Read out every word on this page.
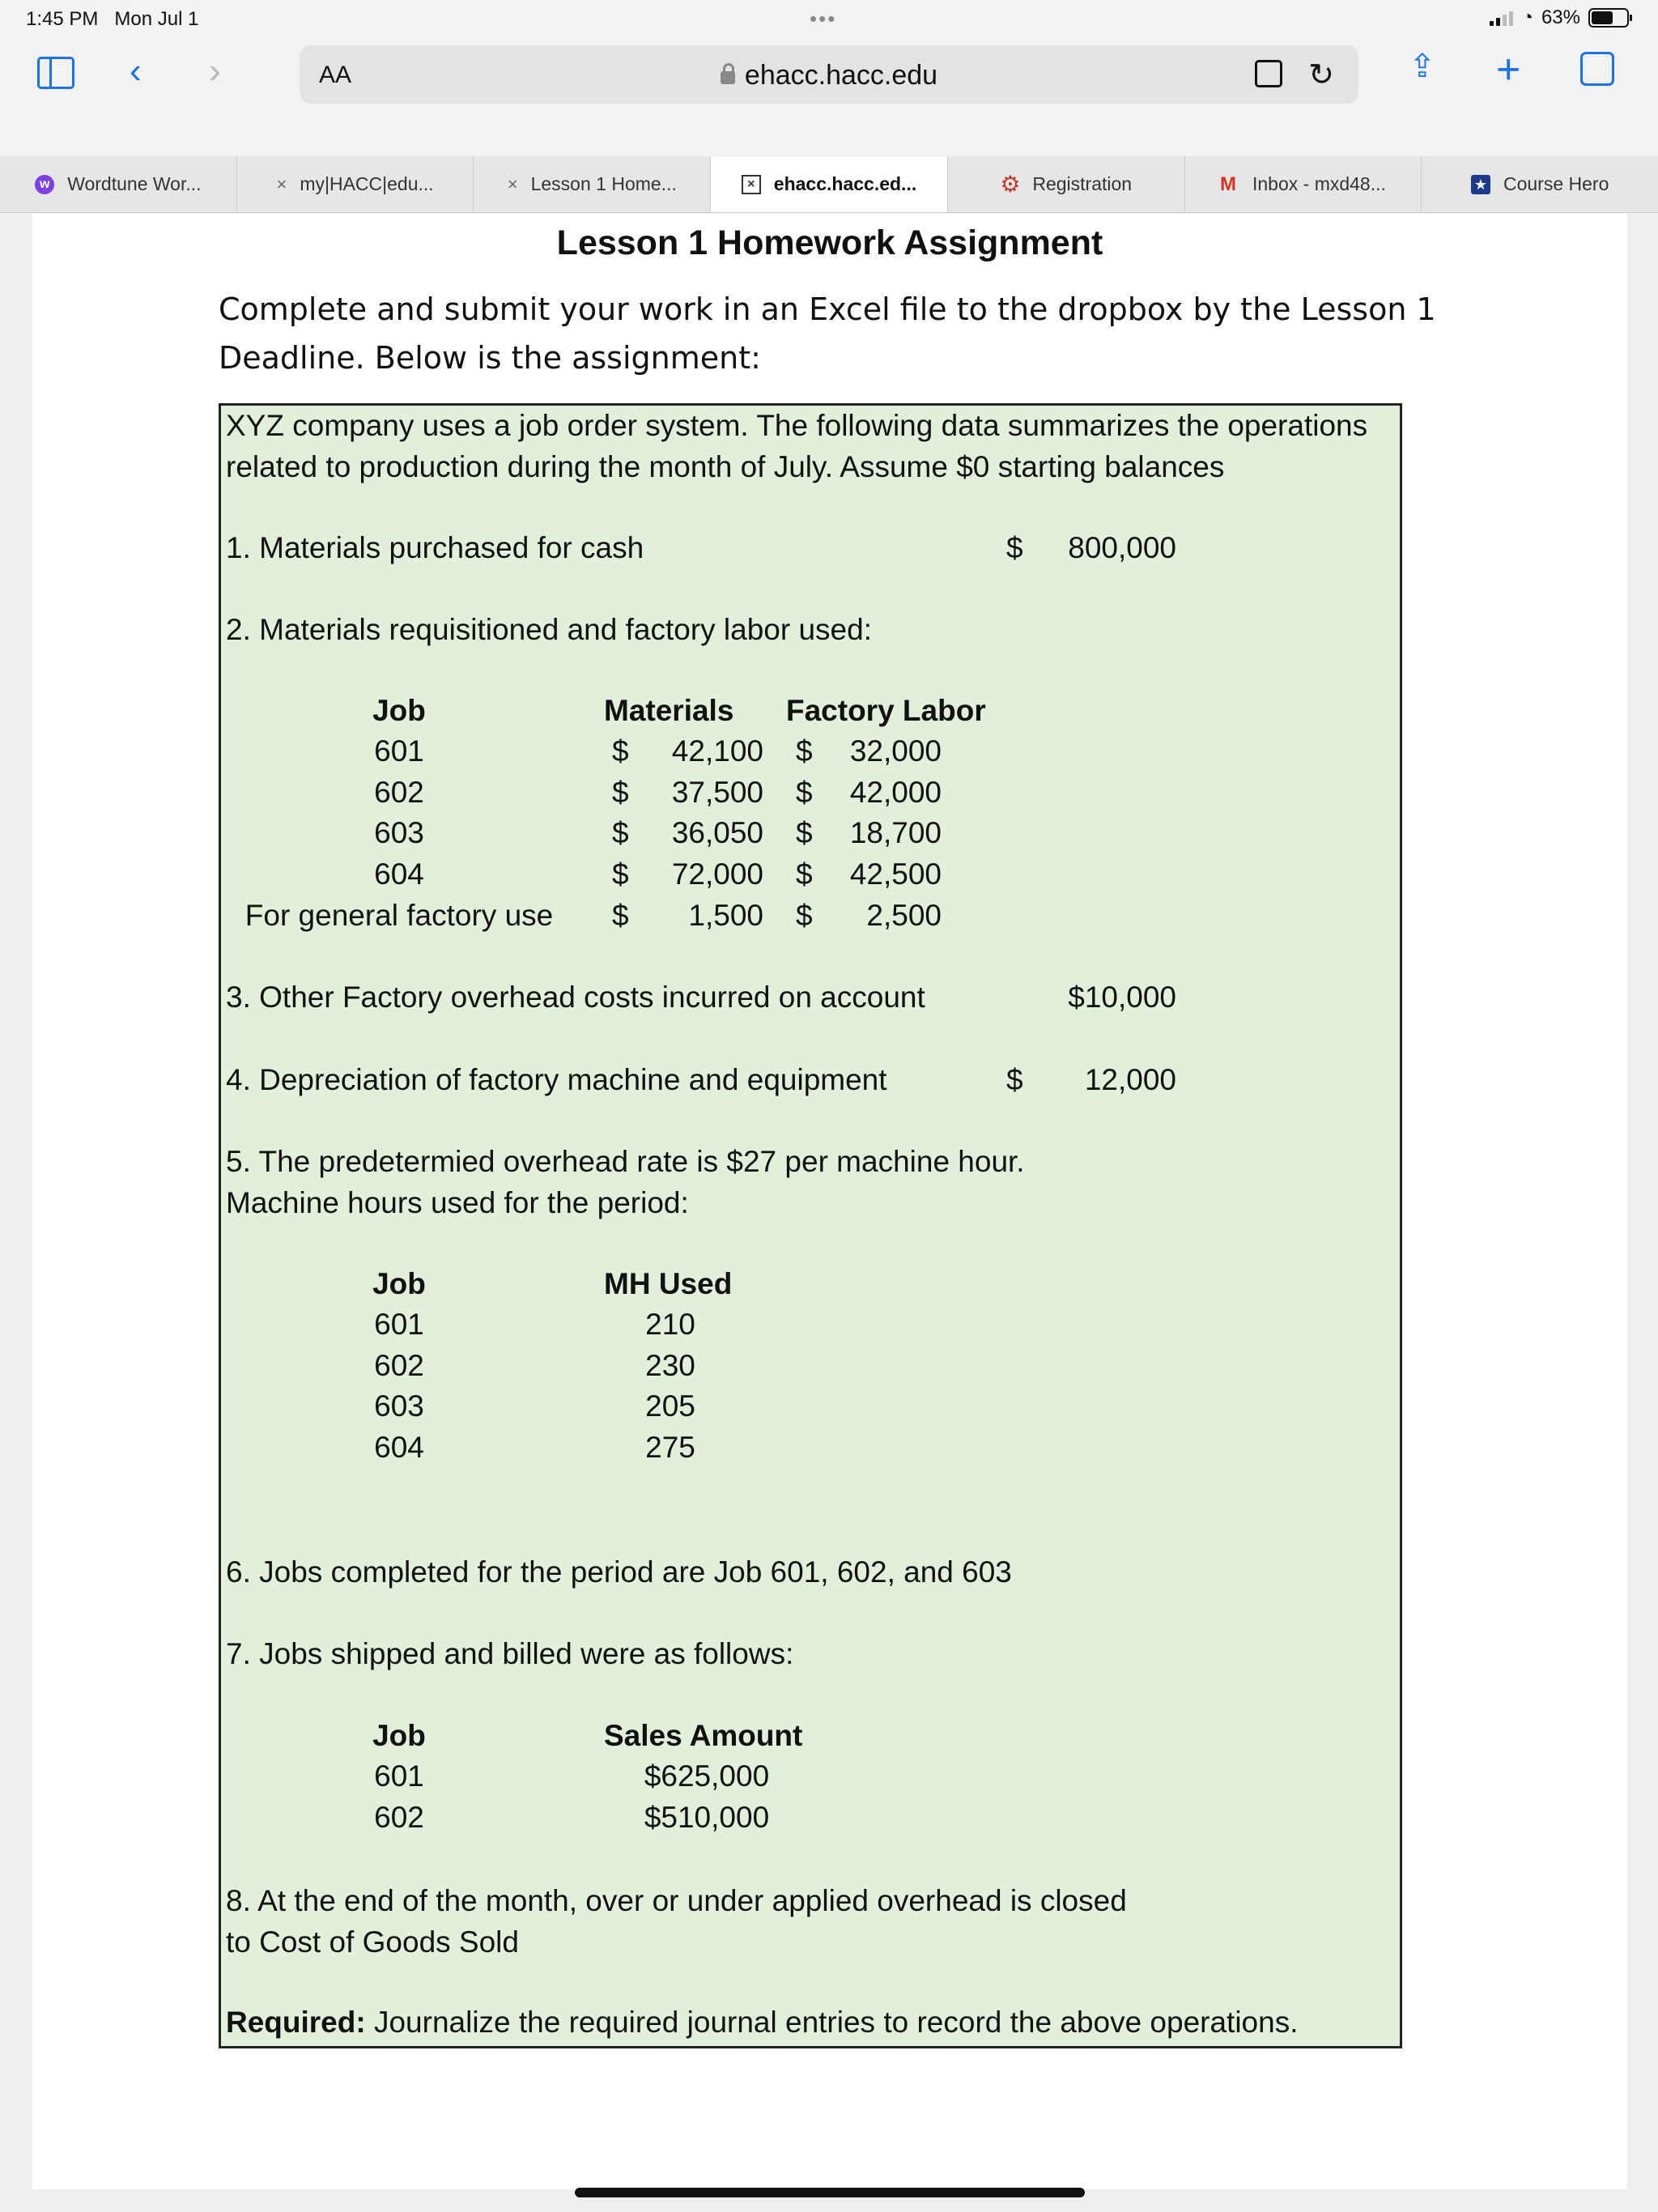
1:45 PM Mon Jul 1	•••	◔ 63%
‹ ›	AA	ehacc.hacc.edu	↻ ⇪ +
w Wordtune Wor...	× my|HACC|edu...	× Lesson 1 Home...	×	ehacc.hacc.ed...	⚙ Registration	M Inbox - mxd48...	★ Course Hero
Lesson 1 Homework Assignment
Complete and submit your work in an Excel file to the dropbox by the Lesson 1 Deadline. Below is the assignment:
XYZ company uses a job order system. The following data summarizes the operations
related to production during the month of July. Assume $0 starting balances
1. Materials purchased for cash	$ 800,000
2. Materials requisitioned and factory labor used:
Job	Materials Factory Labor
601	$	42,100 $	32,000
602	$	37,500 $	42,000
603	$	36,050 $	18,700
604	$	72,000 $	42,500
For general factory use	$	1,500 $	2,500
3. Other Factory overhead costs incurred on account	$10,000
4. Depreciation of factory machine and equipment	$	12,000
5. The predetermied overhead rate is $27 per machine hour.
Machine hours used for the period:
Job	MH Used
601	210
602	230
603	205
604	275
6. Jobs completed for the period are Job 601, 602, and 603
7. Jobs shipped and billed were as follows:
Job	Sales Amount
601	$625,000
602	$510,000
8. At the end of the month, over or under applied overhead is closed
to Cost of Goods Sold
Required: Journalize the required journal entries to record the above operations.
